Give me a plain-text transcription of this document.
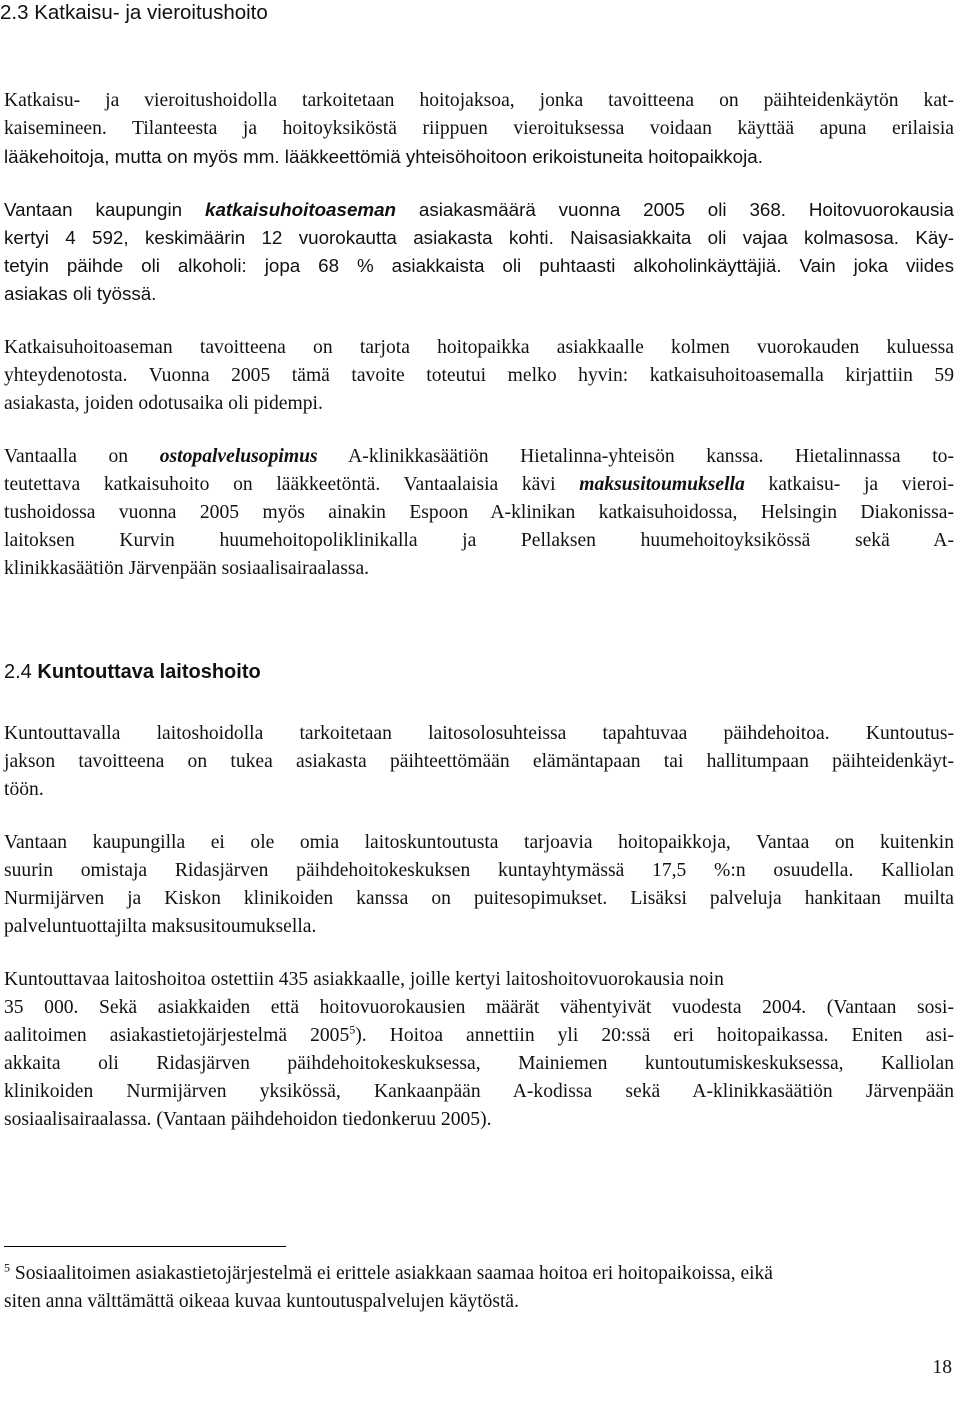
2.3 Katkaisu- ja vieroitushoito
Katkaisu- ja vieroitushoidolla tarkoitetaan hoitojaksoa, jonka tavoitteena on päihteidenkäytön kat-
kaisemineen. Tilanteesta ja hoitoyksiköstä riippuen vieroituksessa voidaan käyttää apuna erilaisia
lääkehoitoja, mutta on myös mm. lääkkeettömiä yhteisöhoitoon erikoistuneita hoitopaikkoja.
Vantaan kaupungin katkaisuhoitoaseman asiakasmäärä vuonna 2005 oli 368. Hoitovuorokausia
kertyi 4 592, keskimäärin 12 vuorokautta asiakasta kohti. Naisasiakkaita oli vajaa kolmasosa. Käy-
tetyin päihde oli alkoholi: jopa 68 % asiakkaista oli puhtaasti alkoholinkäyttäjiä. Vain joka viides
asiakas oli työssä.
Katkaisuhoitoaseman tavoitteena on tarjota hoitopaikka asiakkaalle kolmen vuorokauden kuluessa
yhteydenotosta. Vuonna 2005 tämä tavoite toteutui melko hyvin: katkaisuhoitoasemalla kirjattiin 59
asiakasta, joiden odotusaika oli pidempi.
Vantaalla on ostopalvelusopimus A-klinikkasäätiön Hietalinna-yhteisön kanssa. Hietalinnassa to-
teutettava katkaisuhoito on lääkkeetöntä. Vantaalaisia kävi maksusitoumuksella katkaisu- ja vieroi-
tushoidossa vuonna 2005 myös ainakin Espoon A-klinikan katkaisuhoidossa, Helsingin Diakonissa-
laitoksen Kurvin huumehoitopoliklinikalla ja Pellaksen huumehoitoyksikössä sekä A-
klinikkasäätiön Järvenpään sosiaalisairaalassa.
2.4 Kuntouttava laitoshoito
Kuntouttavalla laitoshoidolla tarkoitetaan laitosolosuhteissa tapahtuvaa päihdehoitoa. Kuntoutus-
jakson tavoitteena on tukea asiakasta päihteettömään elämäntapaan tai hallitumpaan päihteidenkäyt-
töön.
Vantaan kaupungilla ei ole omia laitoskuntoutusta tarjoavia hoitopaikkoja, Vantaa on kuitenkin
suurin omistaja Ridasjärven päihdehoitokeskuksen kuntayhtymässä 17,5 %:n osuudella. Kalliolan
Nurmijärven ja Kiskon klinikoiden kanssa on puitesopimukset. Lisäksi palveluja hankitaan muilta
palveluntuottajilta maksusitoumuksella.
Kuntouttavaa laitoshoitoa ostettiin 435 asiakkaalle, joille kertyi laitoshoitovuorokausia noin
35 000. Sekä asiakkaiden että hoitovuorokausien määrät vähentyivät vuodesta 2004. (Vantaan sosi-
aalitoimen asiakastietojärjestelmä 2005$^5$). Hoitoa annettiin yli 20:ssä eri hoitopaikassa. Eniten asi-
akkaita oli Ridasjärven päihdehoitokeskuksessa, Mainiemen kuntoutumiskeskuksessa, Kalliolan
klinikoiden Nurmijärven yksikössä, Kankaanpään A-kodissa sekä A-klinikkasäätiön Järvenpään
sosiaalisairaalassa. (Vantaan päihdehoidon tiedonkeruu 2005).
$^5$ Sosiaalitoimen asiakastietojärjestelmä ei erittele asiakkaan saamaa hoitoa eri hoitopaikoissa, eikä
siten anna välttämättä oikeaa kuvaa kuntoutuspalvelujen käytöstä.
18
